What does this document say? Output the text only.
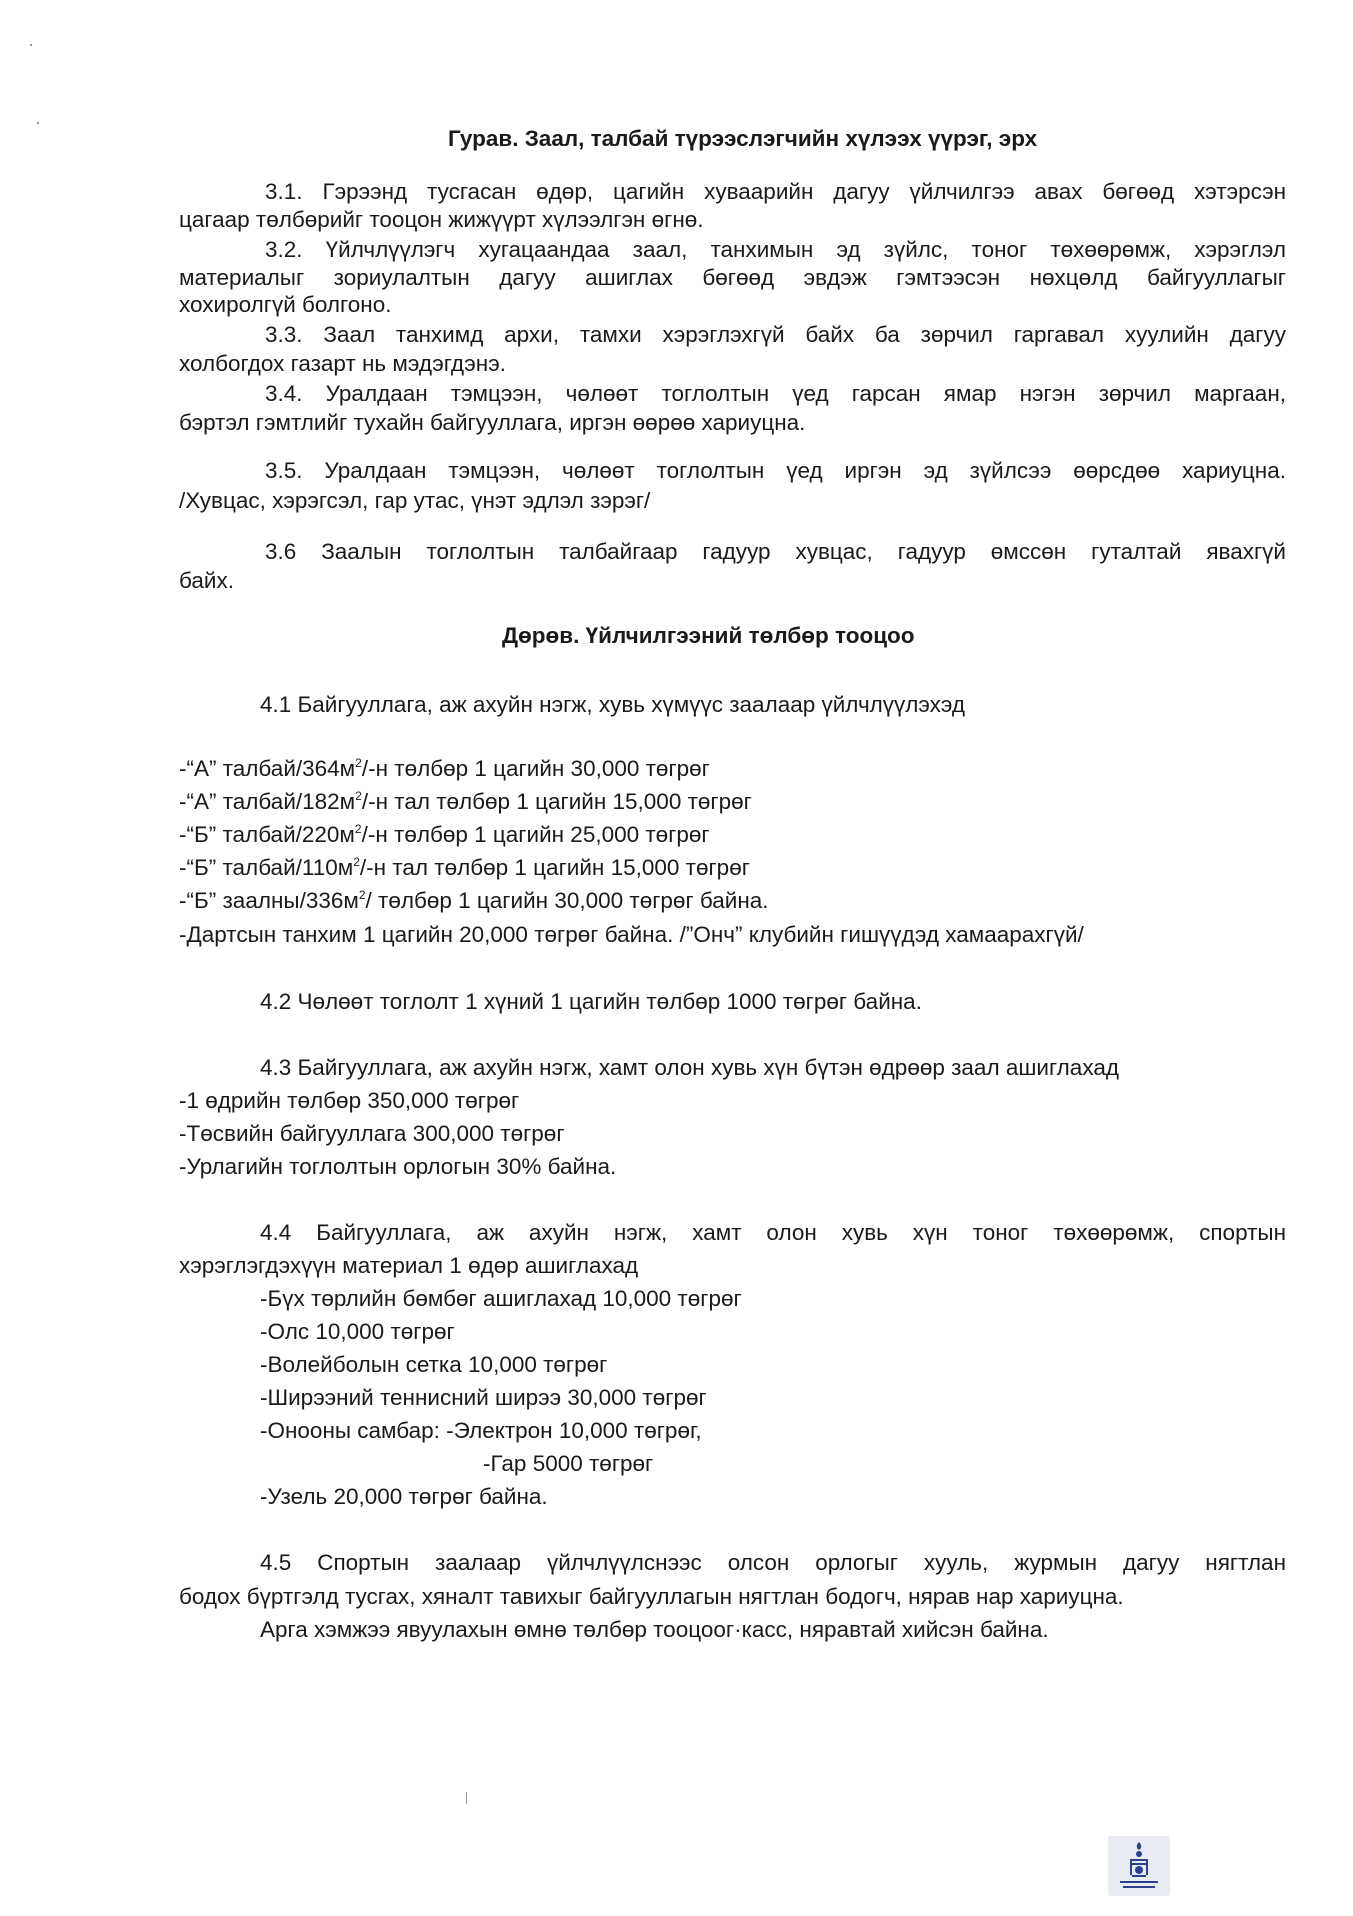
Гурав. Заал, талбай түрээслэгчийн хүлээх үүрэг, эрх
3.1. Гэрээнд тусгасан өдөр, цагийн хуваарийн дагуу үйлчилгээ авах бөгөөд хэтэрсэн
цагаар төлбөрийг тооцон жижүүрт хүлээлгэн өгнө.
3.2. Үйлчлүүлэгч хугацаандаа заал, танхимын эд зүйлс, тоног төхөөрөмж, хэрэглэл
материалыг зориулалтын дагуу ашиглах бөгөөд эвдэж гэмтээсэн нөхцөлд байгууллагыг
хохиролгүй болгоно.
3.3. Заал танхимд архи, тамхи хэрэглэхгүй байх ба зөрчил гаргавал хуулийн дагуу
холбогдох газарт нь мэдэгдэнэ.
3.4. Уралдаан тэмцээн, чөлөөт тоглолтын үед гарсан ямар нэгэн зөрчил маргаан,
бэртэл гэмтлийг тухайн байгууллага, иргэн өөрөө хариуцна.
3.5. Уралдаан тэмцээн, чөлөөт тоглолтын үед иргэн эд зүйлсээ өөрсдөө хариуцна.
/Хувцас, хэрэгсэл, гар утас, үнэт эдлэл зэрэг/
3.6 Заалын тоглолтын талбайгаар гадуур хувцас, гадуур өмссөн гуталтай явахгүй
байх.
Дөрөв. Үйлчилгээний төлбөр тооцоо
4.1 Байгууллага, аж ахуйн нэгж, хувь хүмүүс заалаар үйлчлүүлэхэд
-“А” талбай/$364м^2/-н$ төлбөр 1 цагийн 30,000 төгрөг
-“А” талбай/$182м^2/-н$ тал төлбөр 1 цагийн 15,000 төгрөг
-“Б” талбай/$220м^2/-н$ төлбөр 1 цагийн 25,000 төгрөг
-“Б” талбай/$110м^2/-н$ тал төлбөр 1 цагийн 15,000 төгрөг
-“Б” заалны/$336м^2/$ төлбөр 1 цагийн 30,000 төгрөг байна.
-Дартсын танхим 1 цагийн 20,000 төгрөг байна. /”Онч” клубийн гишүүдэд хамаарахгүй/
4.2 Чөлөөт тоглолт 1 хүний 1 цагийн төлбөр 1000 төгрөг байна.
4.3 Байгууллага, аж ахуйн нэгж, хамт олон хувь хүн бүтэн өдрөөр заал ашиглахад
-1 өдрийн төлбөр 350,000 төгрөг
-Төсвийн байгууллага 300,000 төгрөг
-Урлагийн тоглолтын орлогын 30% байна.
4.4 Байгууллага, аж ахуйн нэгж, хамт олон хувь хүн тоног төхөөрөмж, спортын
хэрэглэгдэхүүн материал 1 өдөр ашиглахад
-Бүх төрлийн бөмбөг ашиглахад 10,000 төгрөг
-Олс 10,000 төгрөг
-Волейболын сетка 10,000 төгрөг
-Ширээний теннисний ширээ 30,000 төгрөг
-Онооны самбар: -Электрон 10,000 төгрөг,
-Гар 5000 төгрөг
-Узель 20,000 төгрөг байна.
4.5 Спортын заалаар үйлчлүүлснээс олсон орлогыг хууль, журмын дагуу нягтлан
бодох бүртгэлд тусгах, хяналт тавихыг байгууллагын нягтлан бодогч, нярав нар хариуцна.
Арга хэмжээ явуулахын өмнө төлбөр тооцоог·касс, няравтай хийсэн байна.
